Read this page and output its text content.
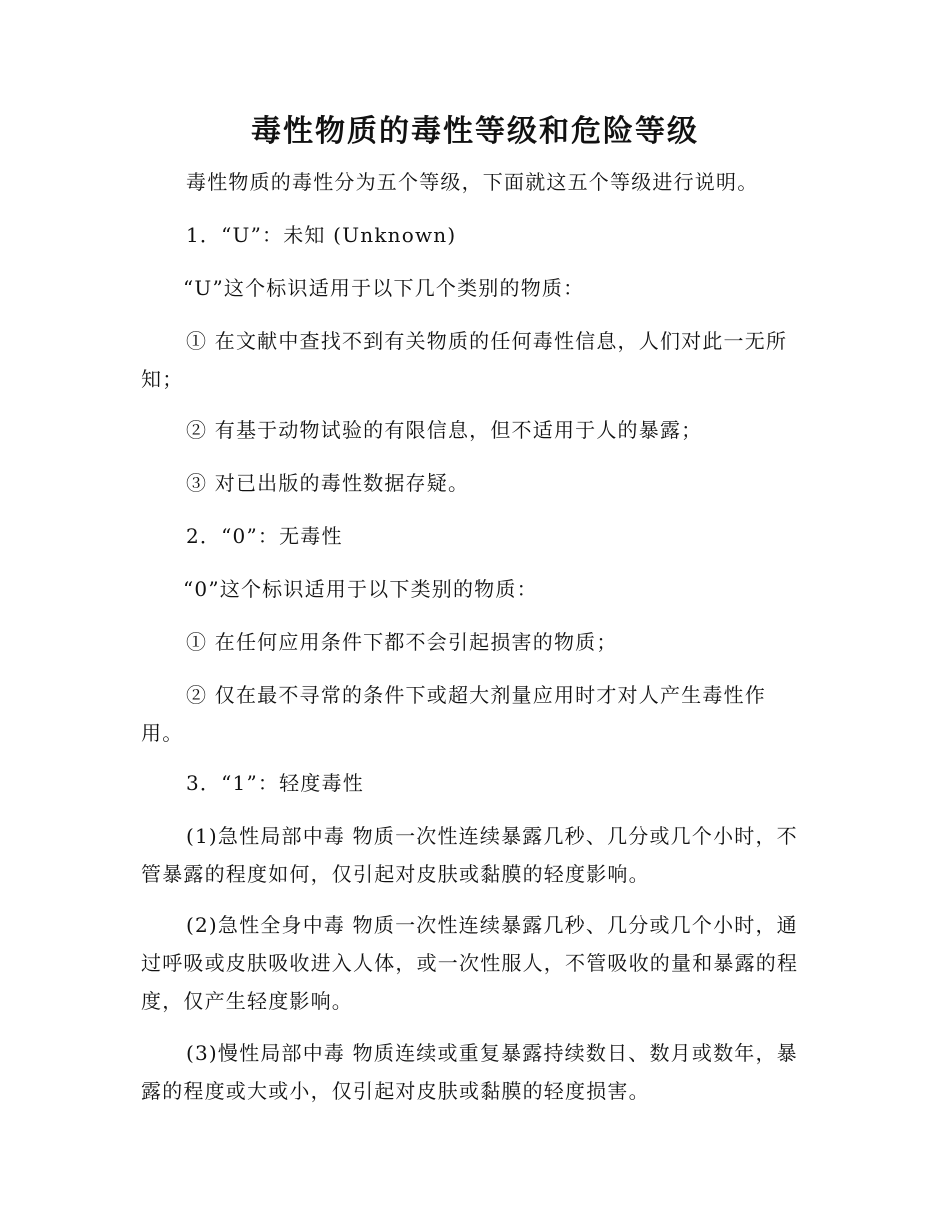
毒性物质的毒性等级和危险等级
毒性物质的毒性分为五个等级，下面就这五个等级进行说明。
1．“U”：未知 (Unknown)
“U”这个标识适用于以下几个类别的物质：
① 在文献中查找不到有关物质的任何毒性信息，人们对此一无所知；
② 有基于动物试验的有限信息，但不适用于人的暴露；
③ 对已出版的毒性数据存疑。
2．“0”：无毒性
“0”这个标识适用于以下类别的物质：
① 在任何应用条件下都不会引起损害的物质；
② 仅在最不寻常的条件下或超大剂量应用时才对人产生毒性作用。
3．“1”：轻度毒性
(1)急性局部中毒 物质一次性连续暴露几秒、几分或几个小时，不管暴露的程度如何，仅引起对皮肤或黏膜的轻度影响。
(2)急性全身中毒 物质一次性连续暴露几秒、几分或几个小时，通过呼吸或皮肤吸收进入人体，或一次性服人，不管吸收的量和暴露的程度，仅产生轻度影响。
(3)慢性局部中毒 物质连续或重复暴露持续数日、数月或数年，暴露的程度或大或小，仅引起对皮肤或黏膜的轻度损害。
